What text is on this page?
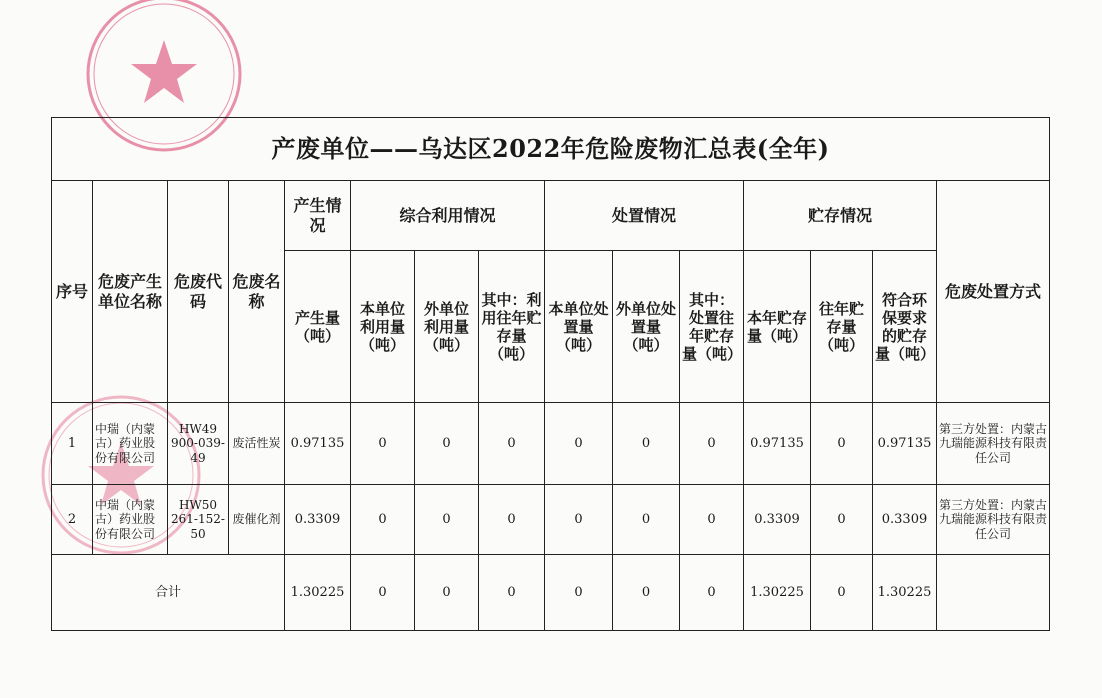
产废单位——乌达区2022年危险废物汇总表(全年)														
序号	危废产生单位名称	危废代码	危废名称	产生情况	综合利用情况			处置情况			贮存情况			危废处置方式
				产生量（吨）	本单位利用量（吨）	外单位利用量（吨）	其中：利用往年贮存量（吨）	本单位处置量（吨）	外单位处置量（吨）	其中：处置往年贮存量（吨）	本年贮存量（吨）	往年贮存量（吨）	符合环保要求的贮存量（吨）	
1	中瑞（内蒙古）药业股份有限公司	HW49 900-039-49	废活性炭	0.97135	0	0	0	0	0	0	0.97135	0	0.97135	第三方处置：内蒙古九瑞能源科技有限责任公司
2	中瑞（内蒙古）药业股份有限公司	HW50 261-152-50	废催化剂	0.3309	0	0	0	0	0	0	0.3309	0	0.3309	第三方处置：内蒙古九瑞能源科技有限责任公司
合计				1.30225	0	0	0	0	0	0	1.30225	0	1.30225	
